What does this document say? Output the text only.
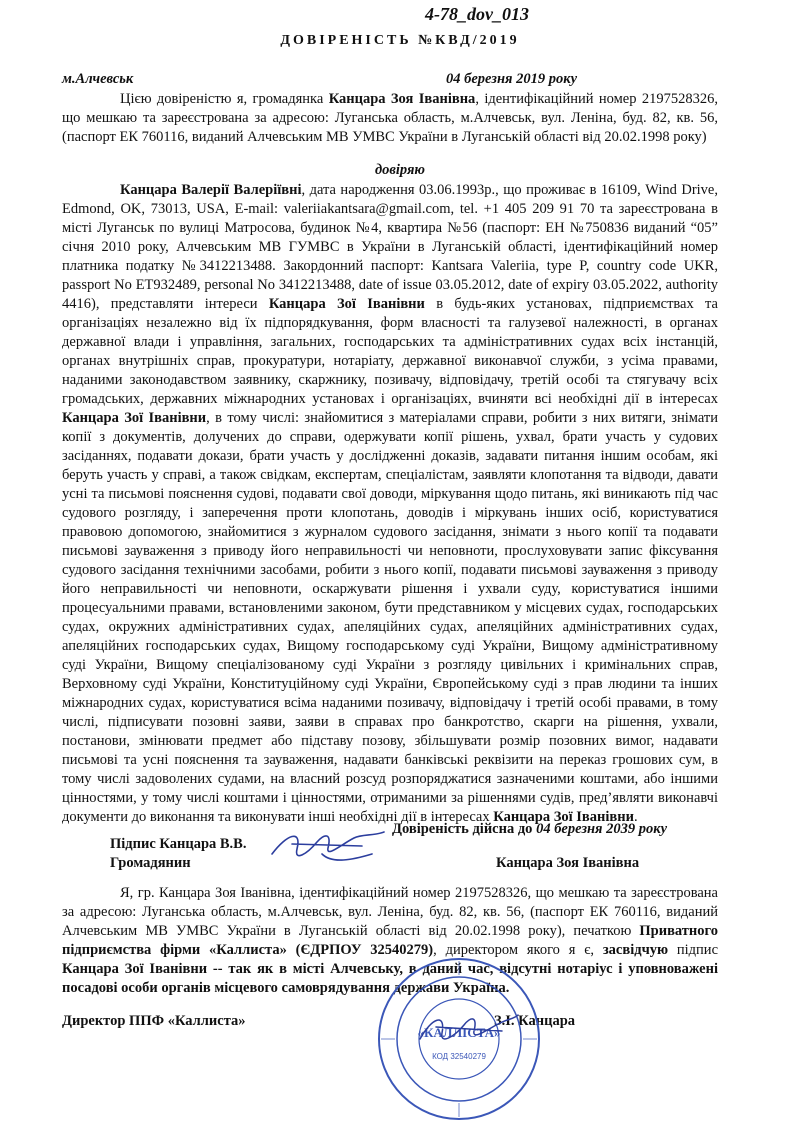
4-78_dov_013
ДОВІРЕНІСТЬ №КВД/2019
м.Алчевськ	04 березня 2019 року

Цією довіреністю я, громадянка Канцара Зоя Іванівна, ідентифікаційний номер 2197528326, що мешкаю та зареєстрована за адресою: Луганська область, м.Алчевськ, вул. Леніна, буд. 82, кв. 56, (паспорт ЕК 760116, виданий Алчевським МВ УМВС України в Луганській області від 20.02.1998 року)

довіряю

Канцара Валерії Валеріївні, дата народження 03.06.1993р., що проживає в 16109, Wind Drive, Edmond, OK, 73013, USA, E-mail: valeriiakantsara@gmail.com, tel. +1 405 209 91 70 та зареєстрована в місті Луганськ по вулиці Матросова, будинок №4, квартира №56 (паспорт: ЕН №750836 виданий “05” січня 2010 року, Алчевським МВ ГУМВС в України в Луганській області, ідентифікаційний номер платника податку №3412213488. Закордонний паспорт: Kantsara Valeriia, type P, country code UKR, passport No ET932489, personal No 3412213488, date of issue 03.05.2012, date of expiry 03.05.2022, authority 4416), представляти інтереси Канцара Зої Іванівни в будь-яких установах, підприємствах та організаціях незалежно від їх підпорядкування, форм власності та галузевої належності, в органах державної влади і управління, загальних, господарських та адміністративних судах всіх інстанцій, органах внутрішніх справ, прокуратури, нотаріату, державної виконавчої служби, з усіма правами, наданими законодавством заявнику, скаржнику, позивачу, відповідачу, третій особі та стягувачу всіх громадських, державних міжнародних установах і організаціях, вчиняти всі необхідні дії в інтересах Канцара Зої Іванівни, в тому числі: знайомитися з матеріалами справи, робити з них витяги, знімати копії з документів, долучених до справи, одержувати копії рішень, ухвал, брати участь у судових засіданнях, подавати докази, брати участь у дослідженні доказів, задавати питання іншим особам, які беруть участь у справі, а також свідкам, експертам, спеціалістам, заявляти клопотання та відводи, давати усні та письмові пояснення судові, подавати свої доводи, міркування щодо питань, які виникають під час судового розгляду, і заперечення проти клопотань, доводів і міркувань інших осіб, користуватися правовою допомогою, знайомитися з журналом судового засідання, знімати з нього копії та подавати письмові зауваження з приводу його неправильності чи неповноти, прослуховувати запис фіксування судового засідання технічними засобами, робити з нього копії, подавати письмові зауваження з приводу його неправильності чи неповноти, оскаржувати рішення і ухвали суду, користуватися іншими процесуальними правами, встановленими законом, бути представником у місцевих судах, господарських судах, окружних адміністративних судах, апеляційних судах, апеляційних адміністративних судах, апеляційних господарських судах, Вищому господарському суді України, Вищому адміністративному суді України, Вищому спеціалізованому суді України з розгляду цивільних і кримінальних справ, Верховному суді України, Конституційному суді України, Європейському суді з прав людини та інших міжнародних судах, користуватися всіма наданими позивачу, відповідачу і третій особі правами, в тому числі, підписувати позовні заяви, заяви в справах про банкротство, скарги на рішення, ухвали, постанови, змінювати предмет або підставу позову, збільшувати розмір позовних вимог, надавати письмові та усні пояснення та зауваження, надавати банківські реквізити на переказ грошових сум, в тому числі задоволених судами, на власний розсуд розпоряджатися зазначеними коштами, або іншими цінностями, у тому числі коштами і цінностями, отриманими за рішеннями судів, пред’являти виконавчі документи до виконання та виконувати інші необхідні дії в інтересах Канцара Зої Іванівни.

Довіреність дійсна до 04 березня 2039 року
Підпис Канцара В.В.
Громадянин	Канцара Зоя Іванівна

Я, гр. Канцара Зоя Іванівна, ідентифікаційний номер 2197528326, що мешкаю та зареєстрована за адресою: Луганська область, м.Алчевськ, вул. Леніна, буд. 82, кв. 56, (паспорт ЕК 760116, виданий Алчевським МВ УМВС України в Луганській області від 20.02.1998 року), печаткою Приватного підприємства фірми «Каллиста» (ЄДРПОУ 32540279), директором якого я є, засвідчую підпис Канцара Зої Іванівни -- так як в місті Алчевську, в даний час, відсутні нотаріус і уповноважені посадові особи органів місцевого самоврядування держави Україна.

Директор ППФ «Каллиста»	З.І. Канцара
«КАЛЛІСТА»
КОД 32540279
